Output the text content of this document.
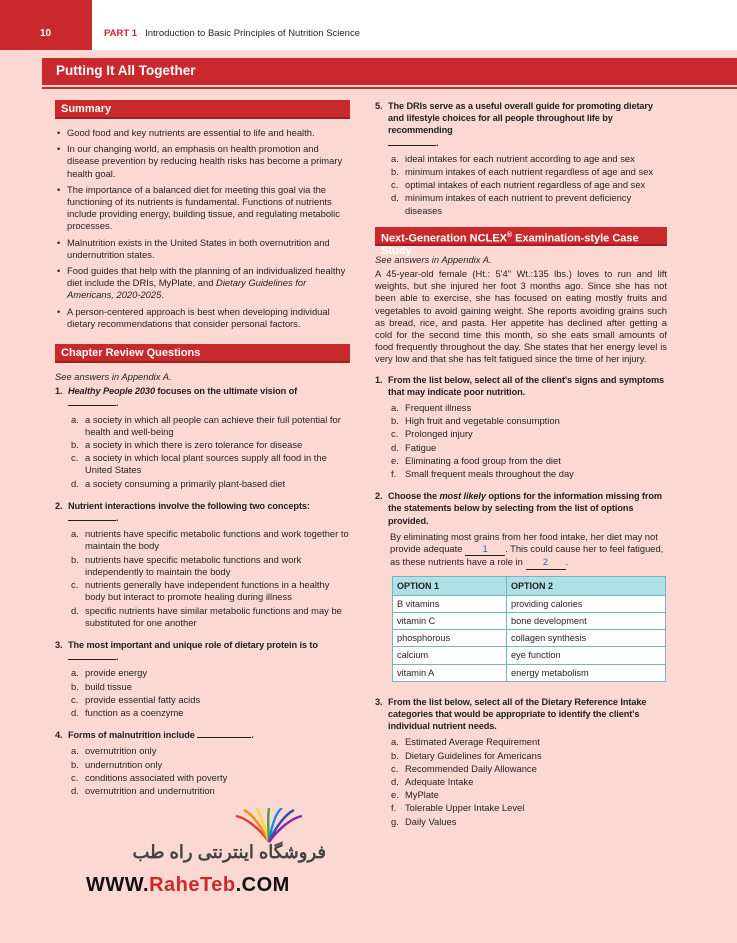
10	PART 1 Introduction to Basic Principles of Nutrition Science
Putting It All Together
Summary
• Good food and key nutrients are essential to life and health.
• In our changing world, an emphasis on health promotion and disease prevention by reducing health risks has become a primary health goal.
• The importance of a balanced diet for meeting this goal via the functioning of its nutrients is fundamental. Functions of nutrients include providing energy, building tissue, and regulating metabolic processes.
• Malnutrition exists in the United States in both overnutrition and undernutrition states.
• Food guides that help with the planning of an individualized healthy diet include the DRIs, MyPlate, and Dietary Guidelines for Americans, 2020-2025.
• A person-centered approach is best when developing individual dietary recommendations that consider personal factors.
Chapter Review Questions
See answers in Appendix A.
1. Healthy People 2030 focuses on the ultimate vision of
.
a. a society in which all people can achieve their full potential for health and well-being
b. a society in which there is zero tolerance for disease
c. a society in which local plant sources supply all food in the United States
d. a society consuming a primarily plant-based diet
2. Nutrient interactions involve the following two concepts:
.
a. nutrients have specific metabolic functions and work together to maintain the body
b. nutrients have specific metabolic functions and work independently to maintain the body
c. nutrients generally have independent functions in a healthy body but interact to promote healing during illness
d. specific nutrients have similar metabolic functions and may be substituted for one another
3. The most important and unique role of dietary protein is to
.
a. provide energy
b. build tissue
c. provide essential fatty acids
d. function as a coenzyme
4. Forms of malnutrition include	.
a. overnutrition only
b. undernutrition only
c. conditions associated with poverty
d. overnutrition and undernutrition
5. The DRIs serve as a useful overall guide for promoting dietary and lifestyle choices for all people throughout life by recommending
.
a. ideal intakes for each nutrient according to age and sex
b. minimum intakes of each nutrient regardless of age and sex
c. optimal intakes of each nutrient regardless of age and sex
d. minimum intakes of each nutrient to prevent deficiency diseases
Next-Generation NCLEX® Examination-style Case Study
See answers in Appendix A.
A 45-year-old female (Ht.: 5'4" Wt.:135 lbs.) loves to run and lift weights, but she injured her foot 3 months ago. Since she has not been able to exercise, she has focused on eating mostly fruits and vegetables to avoid gaining weight. She reports avoiding grains such as bread, rice, and pasta. Her appetite has declined after getting a cold for the second time this month, so she eats small amounts of food frequently throughout the day. She states that her energy level is very low and that she has felt fatigued since the time of her injury.
1. From the list below, select all of the client's signs and symptoms that may indicate poor nutrition.
a. Frequent illness
b. High fruit and vegetable consumption
c. Prolonged injury
d. Fatigue
e. Eliminating a food group from the diet
f. Small frequent meals throughout the day
2. Choose the most likely options for the information missing from the statements below by selecting from the list of options provided.
By eliminating most grains from her food intake, her diet may not provide adequate 1 . This could cause her to feel fatigued, as these nutrients have a role in 2 .
OPTION 1	OPTION 2
B vitamins	providing calories
vitamin C	bone development
phosphorous	collagen synthesis
calcium	eye function
vitamin A	energy metabolism
3. From the list below, select all of the Dietary Reference Intake categories that would be appropriate to identify the client's individual nutrient needs.
a. Estimated Average Requirement
b. Dietary Guidelines for Americans
c. Recommended Daily Allowance
d. Adequate Intake
e. MyPlate
f. Tolerable Upper Intake Level
g. Daily Values
فروشگاه اینترنتی راه طب
WWW.RaheTeb.COM
